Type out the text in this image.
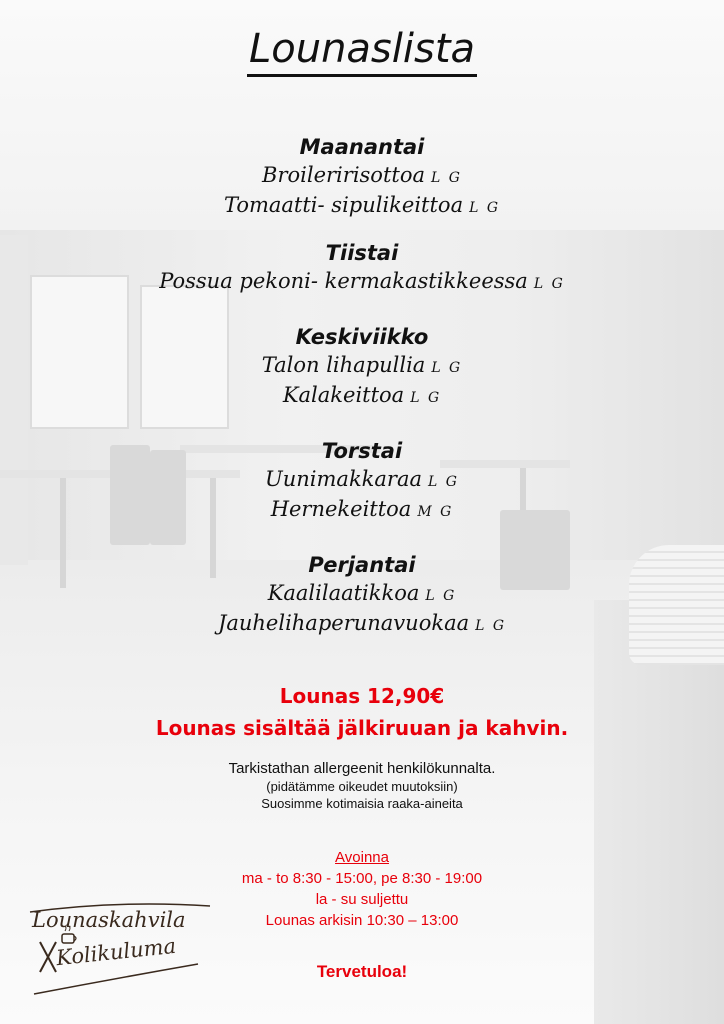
Lounaslista
Maanantai
Broileririsottoa L G
Tomaatti- sipulikeittoa L G
Tiistai
Possua pekoni- kermakastikkeessa L G
Keskiviikko
Talon lihapullia L G
Kalakeittoa L G
Torstai
Uunimakkaraa L G
Hernekeittoa M G
Perjantai
Kaalilaatikkoa L G
Jauhelihaperunavuokaa L G
Lounas 12,90€
Lounas sisältää jälkiruuan ja kahvin.
Tarkistathan allergeenit henkilökunnalta.
(pidätämme oikeudet muutoksiin)
Suosimme kotimaisia raaka-aineita
Avoinna
ma - to 8:30 - 15:00, pe 8:30 - 19:00
la - su suljettu
Lounas arkisin 10:30 – 13:00
Tervetuloa!
Lounaskahvila
Kolikuluma
